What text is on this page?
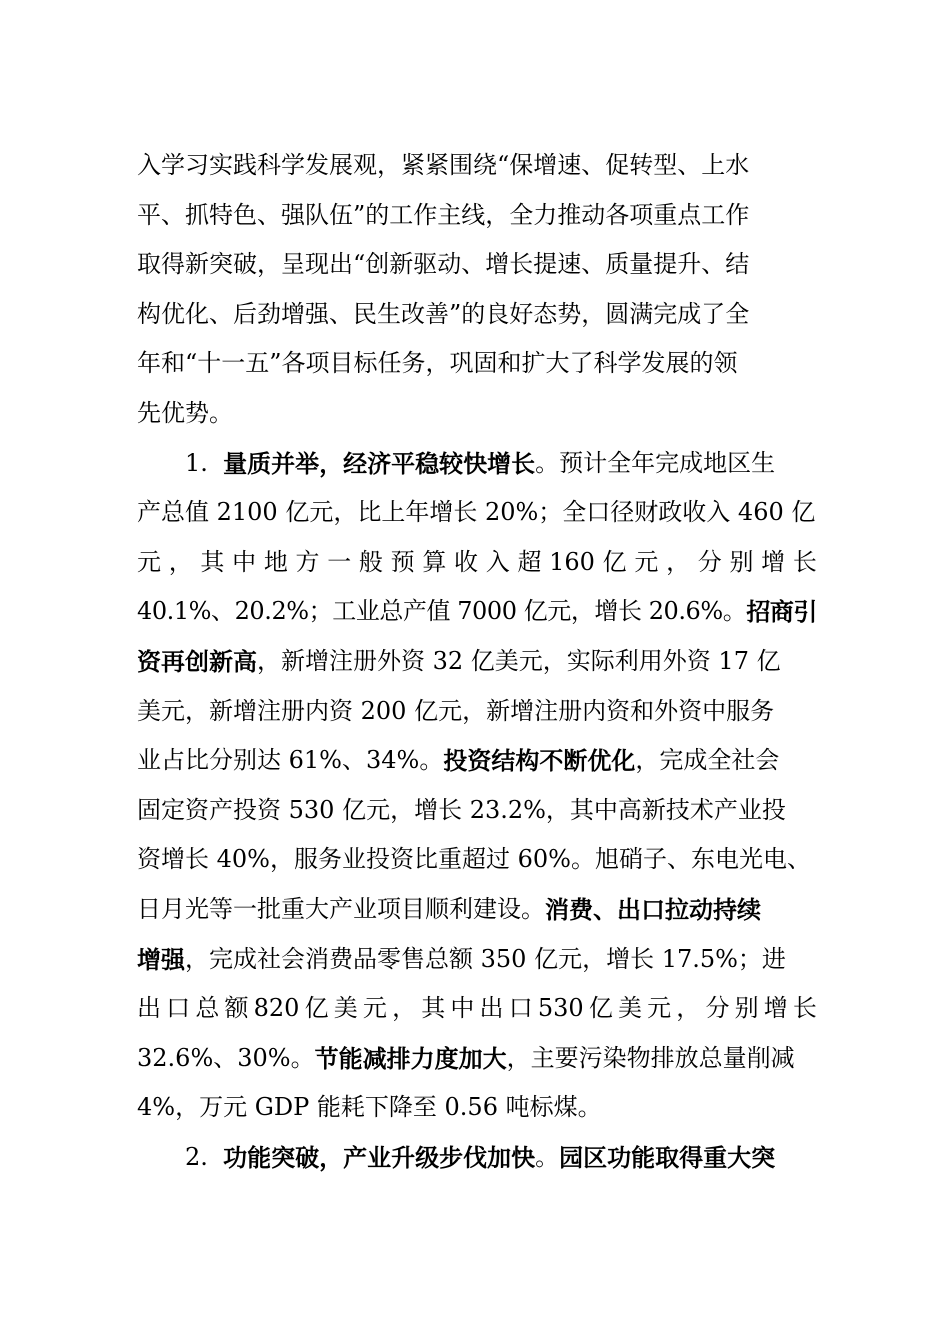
入学习实践科学发展观，紧紧围绕“保增速、促转型、上水
平、抓特色、强队伍”的工作主线，全力推动各项重点工作
取得新突破，呈现出“创新驱动、增长提速、质量提升、结
构优化、后劲增强、民生改善”的良好态势，圆满完成了全
年和“十一五”各项目标任务，巩固和扩大了科学发展的领
先优势。
1. 量质并举，经济平稳较快增长 。预计全年完成地区生
产总值 2100 亿元，比上年增长 20%；全口径财政收入 460 亿
元 ， 其 中 地 方 一 般 预 算 收 入 超 160 亿 元 ， 分 别 增 长
40.1%、20.2%；工业总产值 7000 亿元，增长 20.6%。 招商引
资再创新高 ，新增注册外资 32 亿美元，实际利用外资 17 亿
美元，新增注册内资 200 亿元，新增注册内资和外资中服务
业占比分别达 61%、34%。 投资结构不断优化 ，完成全社会
固定资产投资 530 亿元，增长 23.2%，其中高新技术产业投
资增长 40%，服务业投资比重超过 60%。旭硝子、东电光电、
日月光等一批重大产业项目顺利建设。 消费、出口拉动持续
增强 ，完成社会消费品零售总额 350 亿元，增长 17.5%；进
出 口 总 额 820 亿 美 元 ， 其 中 出 口 530 亿 美 元 ， 分 别 增 长
32.6%、30%。 节能减排力度加大 ，主要污染物排放总量削减
4%，万元 GDP 能耗下降至 0.56 吨标煤。
2. 功能突破，产业升级步伐加快 。 园区功能取得重大突
